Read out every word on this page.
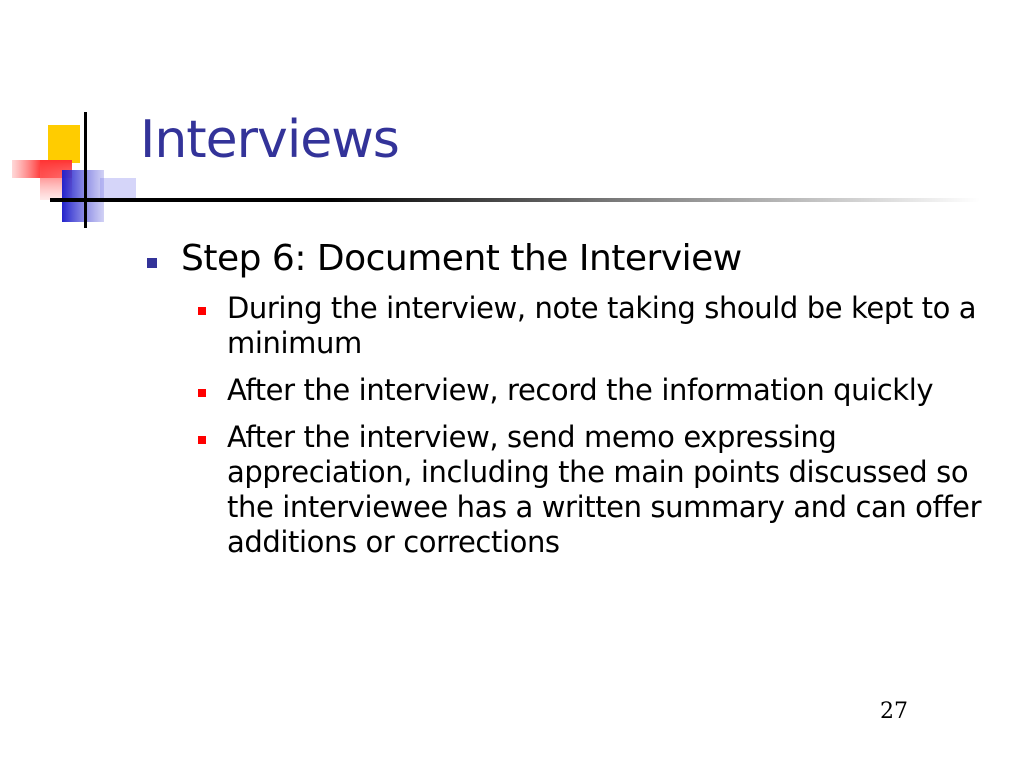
Interviews
Step 6: Document the Interview
During the interview, note taking should be kept to a minimum
After the interview, record the information quickly
After the interview, send memo expressing appreciation, including the main points discussed so the interviewee has a written summary and can offer additions or corrections
27
